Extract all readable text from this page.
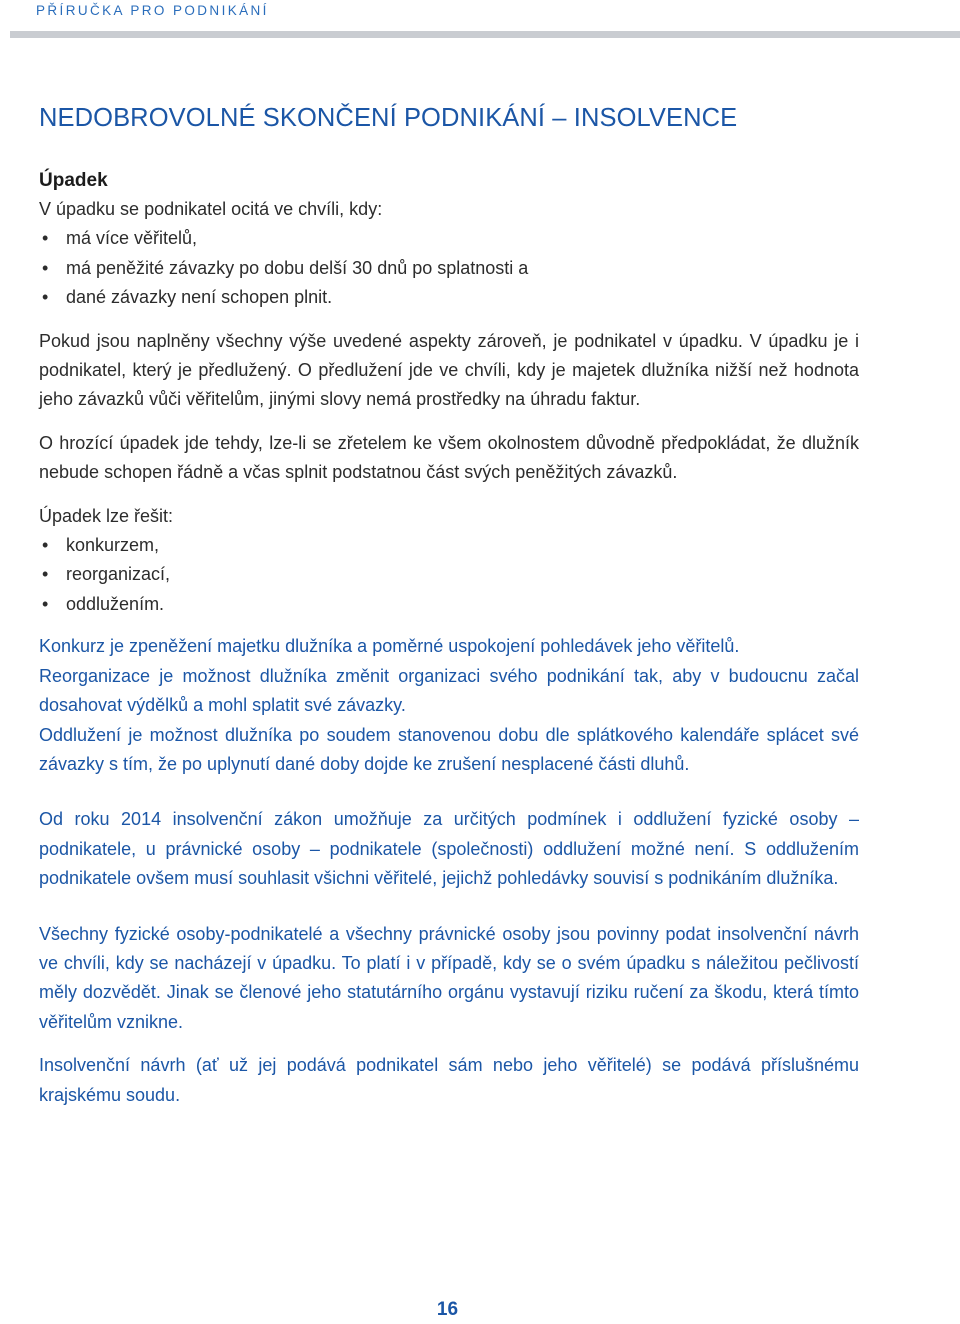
PŘÍRUČKA PRO PODNIKÁNÍ
NEDOBROVOLNÉ SKONČENÍ PODNIKÁNÍ – INSOLVENCE
Úpadek

V úpadku se podnikatel ocitá ve chvíli, kdy:

• má více věřitelů,
• má peněžité závazky po dobu delší 30 dnů po splatnosti a
• dané závazky není schopen plnit.

Pokud jsou naplněny všechny výše uvedené aspekty zároveň, je podnikatel v úpadku. V úpadku je i podnikatel, který je předlužený. O předlužení jde ve chvíli, kdy je majetek dlužníka nižší než hodnota jeho závazků vůči věřitelům, jinými slovy nemá prostředky na úhradu faktur.

O hrozící úpadek jde tehdy, lze-li se zřetelem ke všem okolnostem důvodně předpokládat, že dlužník nebude schopen řádně a včas splnit podstatnou část svých peněžitých závazků.

Úpadek lze řešit:

• konkurzem,
• reorganizací,
• oddlužením.

Konkurz je zpeněžení majetku dlužníka a poměrné uspokojení pohledávek jeho věřitelů.

Reorganizace je možnost dlužníka změnit organizaci svého podnikání tak, aby v budoucnu začal dosahovat výdělků a mohl splatit své závazky.

Oddlužení je možnost dlužníka po soudem stanovenou dobu dle splátkového kalendáře splácet své závazky s tím, že po uplynutí dané doby dojde ke zrušení nesplacené části dluhů.

Od roku 2014 insolvenční zákon umožňuje za určitých podmínek i oddlužení fyzické osoby – podnikatele, u právnické osoby – podnikatele (společnosti) oddlužení možné není. S oddlužením podnikatele ovšem musí souhlasit všichni věřitelé, jejichž pohledávky souvisí s podnikáním dlužníka.

Všechny fyzické osoby-podnikatelé a všechny právnické osoby jsou povinny podat insolvenční návrh ve chvíli, kdy se nacházejí v úpadku. To platí i v případě, kdy se o svém úpadku s náležitou pečlivostí měly dozvědět. Jinak se členové jeho statutárního orgánu vystavují riziku ručení za škodu, která tímto věřitelům vznikne.

Insolvenční návrh (ať už jej podává podnikatel sám nebo jeho věřitelé) se podává příslušnému krajskému soudu.

16
